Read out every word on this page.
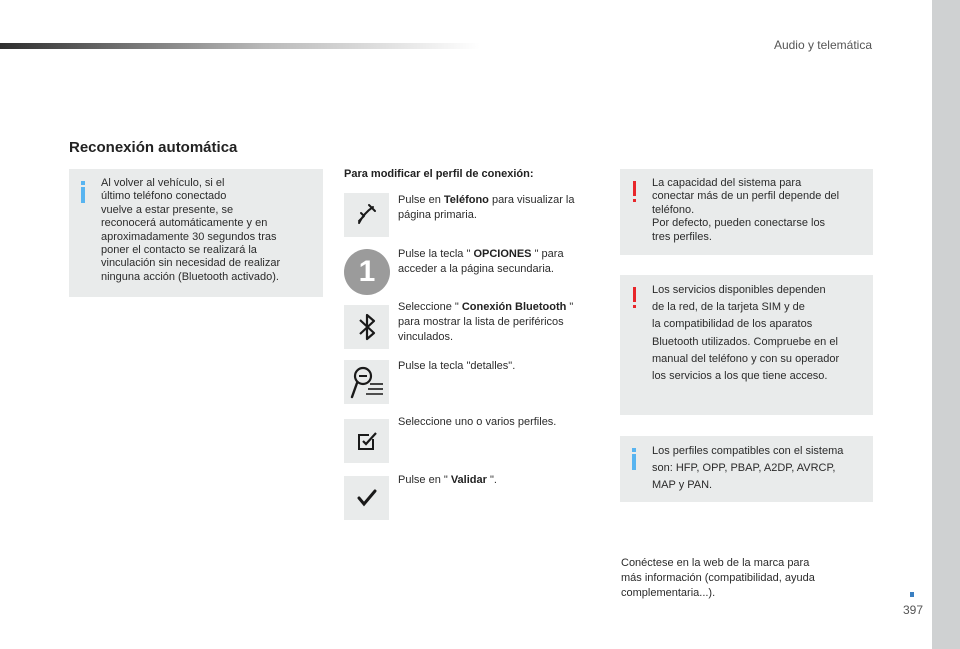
Audio y telemática
Reconexión automática
Al volver al vehículo, si el
último teléfono conectado
vuelve a estar presente, se
reconocerá automáticamente y en
aproximadamente 30 segundos tras
poner el contacto se realizará la
vinculación sin necesidad de realizar
ninguna acción (Bluetooth activado).
Para modificar el perfil de conexión:
1
Pulse en Teléfono para visualizar la página primaria.
Pulse la tecla " OPCIONES " para acceder a la página secundaria.
Seleccione " Conexión Bluetooth " para mostrar la lista de periféricos vinculados.
Pulse la tecla "detalles".
Seleccione uno o varios perfiles.
Pulse en " Validar ".
La capacidad del sistema para
conectar más de un perfil depende del
teléfono.
Por defecto, pueden conectarse los
tres perfiles.
Los servicios disponibles dependen
de la red, de la tarjeta SIM y de
la compatibilidad de los aparatos
Bluetooth utilizados. Compruebe en el
manual del teléfono y con su operador
los servicios a los que tiene acceso.
Los perfiles compatibles con el sistema
son: HFP, OPP, PBAP, A2DP, AVRCP,
MAP y PAN.
Conéctese en la web de la marca para
más información (compatibilidad, ayuda
complementaria...).
397
